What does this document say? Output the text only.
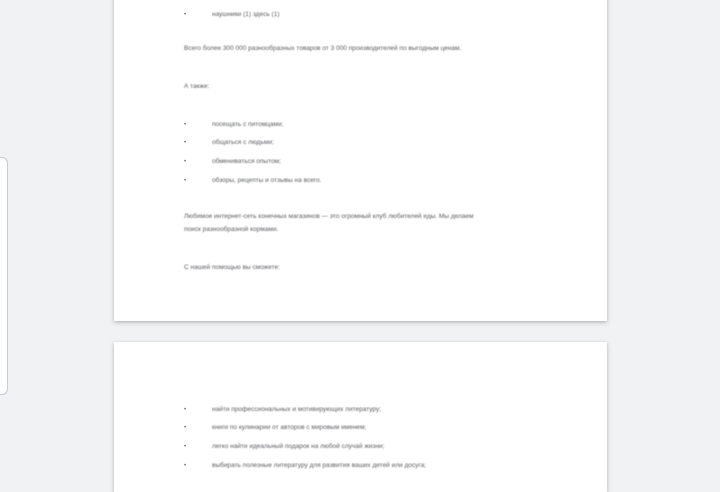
•	наушники (1) здесь (1)

Всего более 300 000 разнообразных товаров от 3 000 производителей по выгодным ценам.

А также:

•	посещать с питомцами;

•	общаться с людьми;

•	обмениваться опытом;

•	обзоры, рецепты и отзывы на всего.

Любимое интернет-сеть конечных магазинов — это огромный клуб любителей еды. Мы делаем

поиск разнообразной кормами.

С нашей помощью вы сможете:

•	найти профессиональных и мотивирующих литературу;

•	книги по кулинарии от авторов с мировым именем;

•	легко найти идеальный подарок на любой случай жизни;

•	выбирать полезные литературу для развития ваших детей или досуга;
